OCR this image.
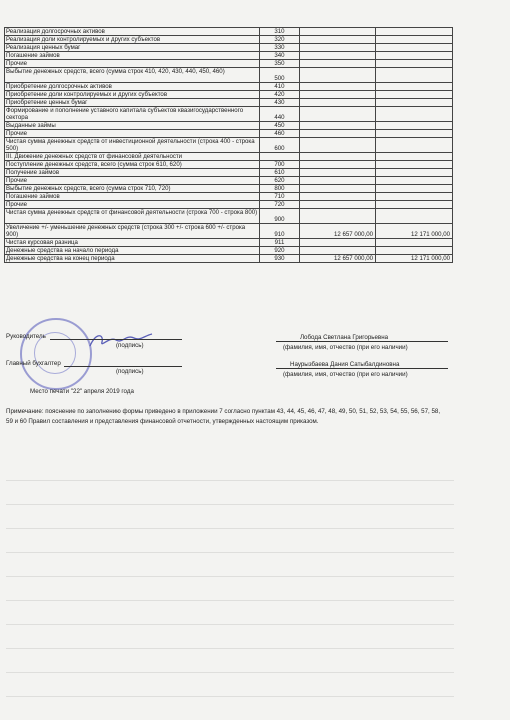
Реализация долгосрочных активов	310		
Реализация доли контролируемых и других субъектов	320		
Реализация ценных бумаг	330		
Погашение займов	340		
Прочие	350		
Выбытие денежных средств, всего (сумма строк 410, 420, 430, 440, 450, 460)	500		
Приобретение долгосрочных активов	410		
Приобретение доли контролируемых и других субъектов	420		
Приобретение ценных бумаг	430		
Формирование и пополнение уставного капитала субъектов квазигосударственного сектора	440		
Выданные займы	450		
Прочие	460		
Чистая сумма денежных средств от инвестиционной деятельности (строка 400 - строка 500)	600		
III. Движение денежных средств от финансовой деятельности			
Поступление денежных средств, всего (сумма строк 610, 620)	700		
Получение займов	610		
Прочие	620		
Выбытие денежных средств, всего (сумма строк 710, 720)	800		
Погашение займов	710		
Прочие	720		
Чистая сумма денежных средств от финансовой деятельности (строка 700 - строка 800)	900		
Увеличение +/- уменьшение денежных средств (строка 300 +/- строка 600 +/- строка 900)	910	12 657 000,00	12 171 000,00
Чистая курсовая разница	911		
Денежные средства на начало периода	920		
Денежные средства на конец периода	930	12 657 000,00	12 171 000,00
Руководитель
(подпись)
Лобода Светлана Григорьевна
(фамилия, имя, отчество (при его наличии)
Главный бухгалтер
(подпись)
Наурызбаева Дания Сатыбалдиновна
(фамилия, имя, отчество (при его наличии)
Место печати "22" апреля 2019 года
Примечание: пояснение по заполнению формы приведено в приложении 7 согласно пунктам 43, 44, 45, 46, 47, 48, 49, 50, 51, 52, 53, 54, 55, 56, 57, 58, 59 и 60 Правил составления и представления финансовой отчетности, утвержденных настоящим приказом.
